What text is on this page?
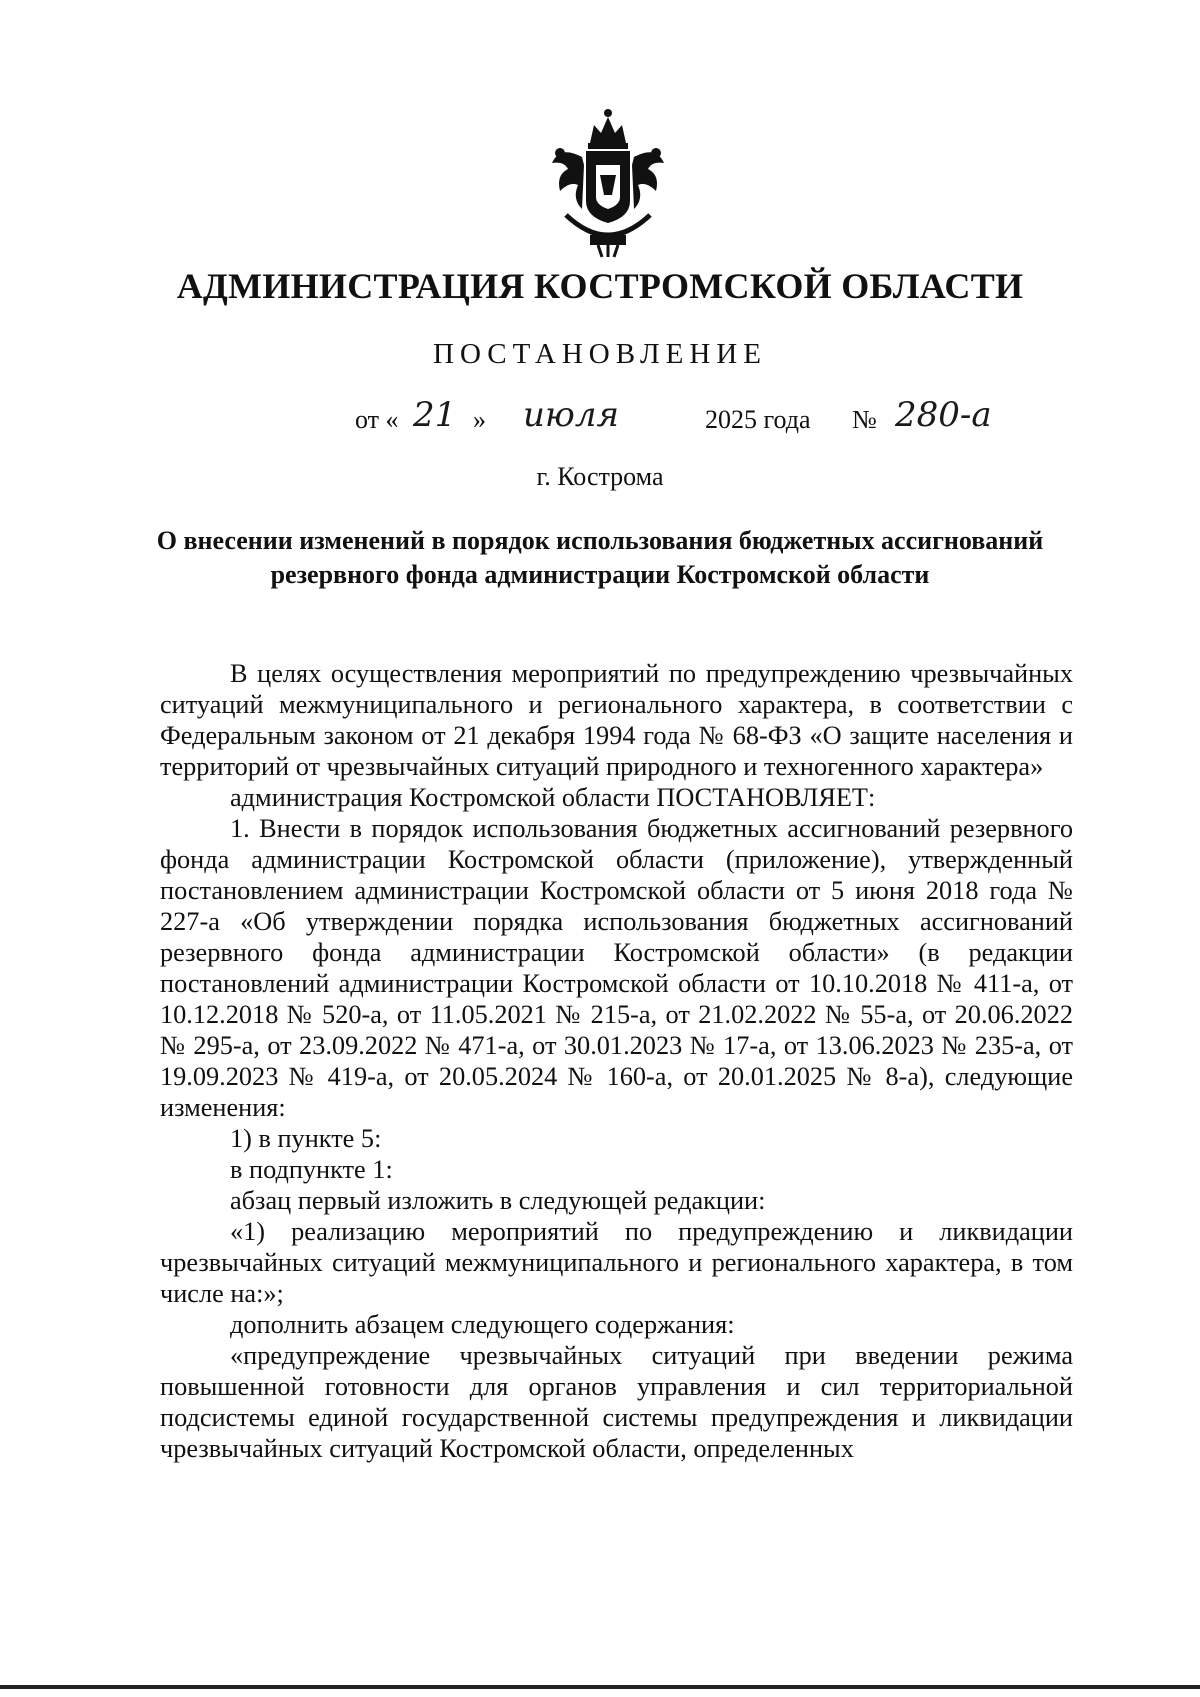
АДМИНИСТРАЦИЯ КОСТРОМСКОЙ ОБЛАСТИ
ПОСТАНОВЛЕНИЕ
от « 21 » июля	2025 года № 280-а
г. Кострома
О внесении изменений в порядок использования бюджетных ассигнований резервного фонда администрации Костромской области

В целях осуществления мероприятий по предупреждению чрезвычайных ситуаций межмуниципального и регионального характера, в соответствии с Федеральным законом от 21 декабря 1994 года № 68-ФЗ «О защите населения и территорий от чрезвычайных ситуаций природного и техногенного характера»

администрация Костромской области ПОСТАНОВЛЯЕТ:

1. Внести в порядок использования бюджетных ассигнований резервного фонда администрации Костромской области (приложение), утвержденный постановлением администрации Костромской области от 5 июня 2018 года № 227-а «Об утверждении порядка использования бюджетных ассигнований резервного фонда администрации Костромской области» (в редакции постановлений администрации Костромской области от 10.10.2018 № 411-а, от 10.12.2018 № 520-а, от 11.05.2021 № 215-а, от 21.02.2022 № 55-а, от 20.06.2022 № 295-а, от 23.09.2022 № 471-а, от 30.01.2023 № 17-а, от 13.06.2023 № 235-а, от 19.09.2023 № 419-а, от 20.05.2024 № 160-а, от 20.01.2025 № 8-а), следующие изменения:

1) в пункте 5:

в подпункте 1:

абзац первый изложить в следующей редакции:

«1) реализацию мероприятий по предупреждению и ликвидации чрезвычайных ситуаций межмуниципального и регионального характера, в том числе на:»;

дополнить абзацем следующего содержания:

«предупреждение чрезвычайных ситуаций при введении режима повышенной готовности для органов управления и сил территориальной подсистемы единой государственной системы предупреждения и ликвидации чрезвычайных ситуаций Костромской области, определенных
